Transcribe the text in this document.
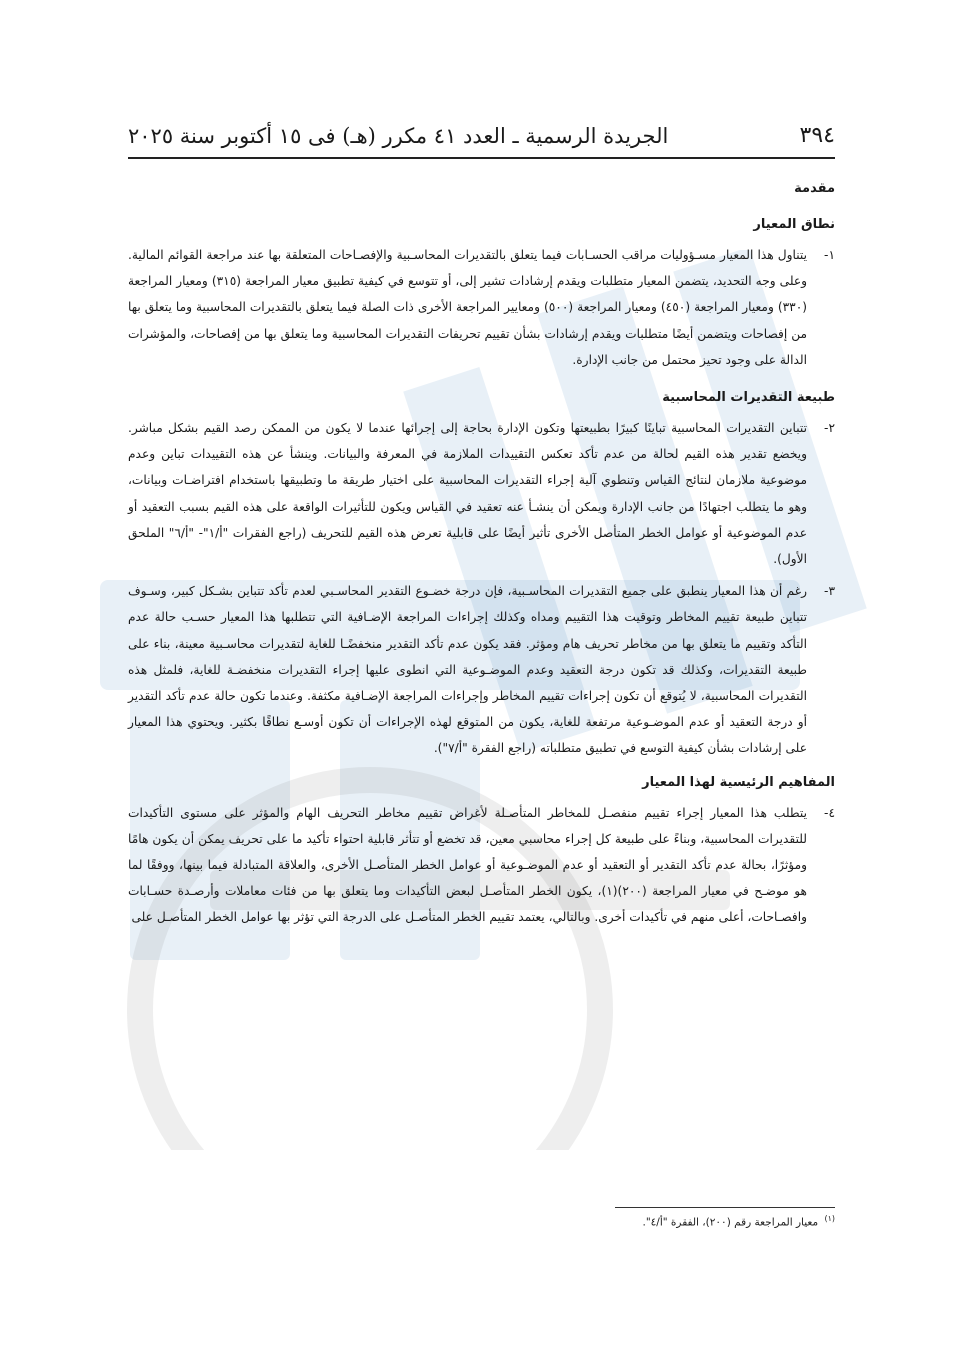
٣٩٤
الجريدة الرسمية ـ العدد ٤١ مكرر (هـ) فى ١٥ أكتوبر سنة ٢٠٢٥

مقدمة

نطاق المعيار

١-
يتناول هذا المعيار مسـؤوليات مراقب الحسـابات فيما يتعلق بالتقديرات المحاسـبية والإفصـاحات المتعلقة بها عند مراجعة القوائم المالية. وعلى وجه التحديد، يتضمن المعيار متطلبات ويقدم إرشادات تشير إلى، أو تتوسع في كيفية تطبيق معيار المراجعة (٣١٥) ومعيار المراجعة (٣٣٠) ومعيار المراجعة (٤٥٠) ومعيار المراجعة (٥٠٠) ومعايير المراجعة الأخرى ذات الصلة فيما يتعلق بالتقديرات المحاسبية وما يتعلق بها من إفصاحات ويتضمن أيضًا متطلبات ويقدم إرشادات بشأن تقييم تحريفات التقديرات المحاسبية وما يتعلق بها من إفصاحات، والمؤشرات الدالة على وجود تحيز محتمل من جانب الإدارة.

طبيعة التقديرات المحاسبية

٢-
تتباين التقديرات المحاسبية تباينًا كبيرًا بطبيعتها وتكون الإدارة بحاجة إلى إجرائها عندما لا يكون من الممكن رصد القيم بشكل مباشر. ويخضع تقدير هذه القيم لحالة من عدم تأكد تعكس التقييدات الملازمة في المعرفة والبيانات. وينشأ عن هذه التقييدات تباين وعدم موضوعية ملازمان لنتائج القياس وتنطوي آلية إجراء التقديرات المحاسبية على اختيار طريقة ما وتطبيقها باستخدام افتراضـات وبيانات، وهو ما يتطلب اجتهادًا من جانب الإدارة ويمكن أن ينشـأ عنه تعقيد في القياس ويكون للتأثيرات الواقعة على هذه القيم بسبب التعقيد أو عدم الموضوعية أو عوامل الخطر المتأصل الأخرى تأثير أيضًا على قابلية تعرض هذه القيم للتحريف (راجع الفقرات "أ/١"- "أ/٦" الملحق الأول).
٣-
رغم أن هذا المعيار ينطبق على جميع التقديرات المحاسـبية، فإن درجة خضـوع التقدير المحاسـبي لعدم تأكد تتباين بشـكل كبير، وسـوف تتباين طبيعة تقييم المخاطر وتوقيت هذا التقييم ومداه وكذلك إجراءات المراجعة الإضـافية التي تتطلبها هذا المعيار حسـب حالة عدم التأكد وتقييم ما يتعلق بها من مخاطر تحريف هام ومؤثر. فقد يكون عدم تأكد التقدير منخفضًـا للغاية لتقديرات محاسـبية معينة، بناء على طبيعة التقديرات، وكذلك قد تكون درجة التعقيد وعدم الموضـوعية التي انطوى عليها إجراء التقديرات منخفضـة للغاية، فلمثل هذه التقديرات المحاسبية، لا يُتوقع أن تكون إجراءات تقييم المخاطر وإجراءات المراجعة الإضـافية مكثفة. وعندما تكون حالة عدم تأكد التقدير أو درجة التعقيد أو عدم الموضـوعية مرتفعة للغاية، يكون من المتوقع لهذه الإجراءات أن تكون أوسـع نطاقًا بكثير. ويحتوي هذا المعيار على إرشادات بشأن كيفية التوسع في تطبيق متطلباته (راجع الفقرة "أ/٧").

المفاهيم الرئيسية لهذا المعيار

٤-
يتطلب هذا المعيار إجراء تقييم منفصـل للمخاطر المتأصـلة لأغراض تقييم مخاطر التحريف الهام والمؤثر على مستوى التأكيدات للتقديرات المحاسبية، وبناءً على طبيعة كل إجراء محاسبي معين، قد تخضع أو تتأثر قابلية احتواء تأكيد ما على تحريف يمكن أن يكون هامًا ومؤثرًا، بحالة عدم تأكد التقدير أو التعقيد أو عدم الموضـوعية أو عوامل الخطر المتأصـل الأخرى، والعلاقة المتبادلة فيما بينها، ووفقًا لما هو موضـح في معيار المراجعة (٢٠٠)(١)، يكون الخطر المتأصـل لبعض التأكيدات وما يتعلق بها من فئات معاملات وأرصـدة حسـابات وافصـاحات، أعلى منهم في تأكيدات أخرى. وبالتالي، يعتمد تقييم الخطر المتأصـل على الدرجة التي تؤثر بها عوامل الخطر المتأصـل على
$^{(١)}$ معيار المراجعة رقم (٢٠٠)، الفقرة "أ/٤".
